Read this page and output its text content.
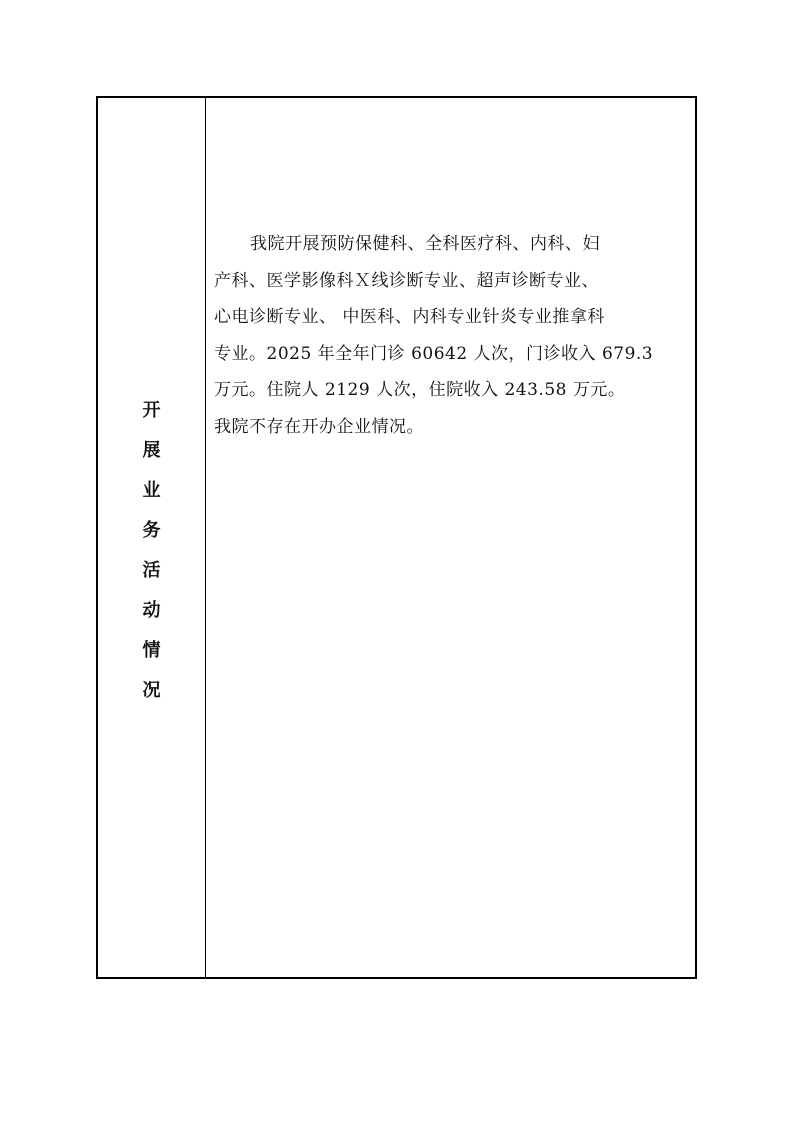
开
展
业
务
活
动
情
况
我院开展预防保健科、全科医疗科、内科、妇
产科、医学影像科Ｘ线诊断专业、超声诊断专业、
心电诊断专业、 中医科、内科专业针炎专业推拿科
专业。2025 年全年门诊 60642 人次，门诊收入 679.3
万元。住院人 2129 人次，住院收入 243.58 万元。
我院不存在开办企业情况。
